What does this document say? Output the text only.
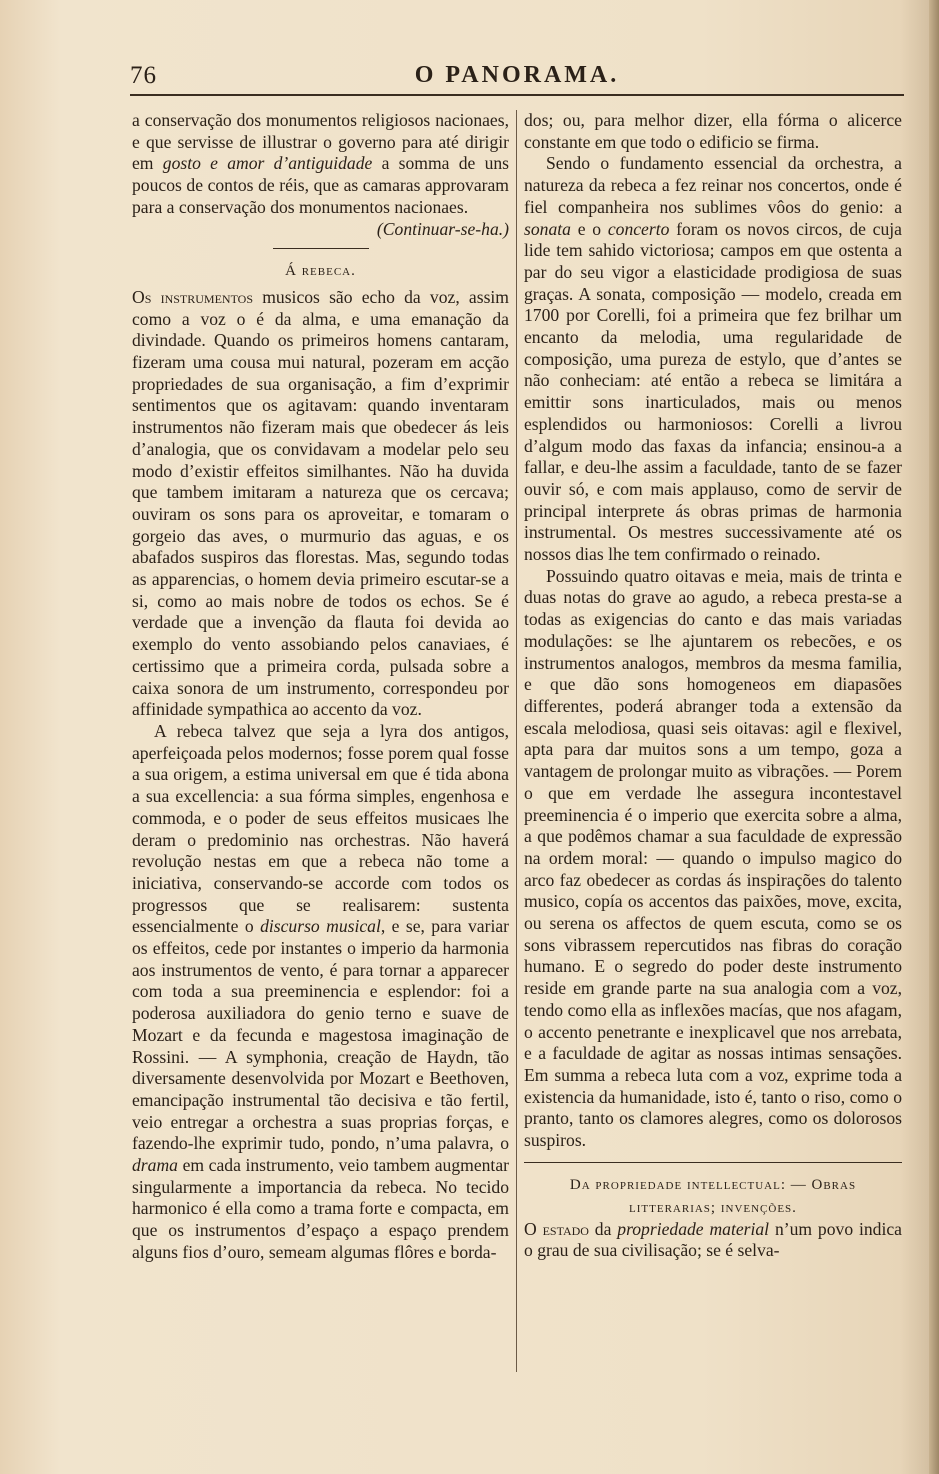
76	O PANORAMA.

a conservação dos monumentos religiosos nacionaes, e que servisse de illustrar o governo para até dirigir em gosto e amor d’antiguidade a somma de uns poucos de contos de réis, que as camaras approvaram para a conservação dos monumentos nacionaes.
(Continuar-se-ha.)

Á rebeca.

Os instrumentos musicos são echo da voz, assim como a voz o é da alma, e uma emanação da divindade. Quando os primeiros homens cantaram, fizeram uma cousa mui natural, pozeram em acção propriedades de sua organisação, a fim d’exprimir sentimentos que os agitavam: quando inventaram instrumentos não fizeram mais que obedecer ás leis d’analogia, que os convidavam a modelar pelo seu modo d’existir effeitos similhantes. Não ha duvida que tambem imitaram a natureza que os cercava; ouviram os sons para os aproveitar, e tomaram o gorgeio das aves, o murmurio das aguas, e os abafados suspiros das florestas. Mas, segundo todas as apparencias, o homem devia primeiro escutar-se a si, como ao mais nobre de todos os echos. Se é verdade que a invenção da flauta foi devida ao exemplo do vento assobiando pelos canaviaes, é certissimo que a primeira corda, pulsada sobre a caixa sonora de um instrumento, correspondeu por affinidade sympathica ao accento da voz.

A rebeca talvez que seja a lyra dos antigos, aperfeiçoada pelos modernos; fosse porem qual fosse a sua origem, a estima universal em que é tida abona a sua excellencia: a sua fórma simples, engenhosa e commoda, e o poder de seus effeitos musicaes lhe deram o predominio nas orchestras. Não haverá revolução nestas em que a rebeca não tome a iniciativa, conservando-se accorde com todos os progressos que se realisarem: sustenta essencialmente o discurso musical, e se, para variar os effeitos, cede por instantes o imperio da harmonia aos instrumentos de vento, é para tornar a apparecer com toda a sua preeminencia e esplendor: foi a poderosa auxiliadora do genio terno e suave de Mozart e da fecunda e magestosa imaginação de Rossini. — A symphonia, creação de Haydn, tão diversamente desenvolvida por Mozart e Beethoven, emancipação instrumental tão decisiva e tão fertil, veio entregar a orchestra a suas proprias forças, e fazendo-lhe exprimir tudo, pondo, n’uma palavra, o drama em cada instrumento, veio tambem augmentar singularmente a importancia da rebeca. No tecido harmonico é ella como a trama forte e compacta, em que os instrumentos d’espaço a espaço prendem alguns fios d’ouro, semeam algumas flôres e borda-

dos; ou, para melhor dizer, ella fórma o alicerce constante em que todo o edificio se firma.

Sendo o fundamento essencial da orchestra, a natureza da rebeca a fez reinar nos concertos, onde é fiel companheira nos sublimes vôos do genio: a sonata e o concerto foram os novos circos, de cuja lide tem sahido victoriosa; campos em que ostenta a par do seu vigor a elasticidade prodigiosa de suas graças. A sonata, composição — modelo, creada em 1700 por Corelli, foi a primeira que fez brilhar um encanto da melodia, uma regularidade de composição, uma pureza de estylo, que d’antes se não conheciam: até então a rebeca se limitára a emittir sons inarticulados, mais ou menos esplendidos ou harmoniosos: Corelli a livrou d’algum modo das faxas da infancia; ensinou-a a fallar, e deu-lhe assim a faculdade, tanto de se fazer ouvir só, e com mais applauso, como de servir de principal interprete ás obras primas de harmonia instrumental. Os mestres successivamente até os nossos dias lhe tem confirmado o reinado.

Possuindo quatro oitavas e meia, mais de trinta e duas notas do grave ao agudo, a rebeca presta-se a todas as exigencias do canto e das mais variadas modulações: se lhe ajuntarem os rebecões, e os instrumentos analogos, membros da mesma familia, e que dão sons homogeneos em diapasões differentes, poderá abranger toda a extensão da escala melodiosa, quasi seis oitavas: agil e flexivel, apta para dar muitos sons a um tempo, goza a vantagem de prolongar muito as vibrações. — Porem o que em verdade lhe assegura incontestavel preeminencia é o imperio que exercita sobre a alma, a que podêmos chamar a sua faculdade de expressão na ordem moral: — quando o impulso magico do arco faz obedecer as cordas ás inspirações do talento musico, copía os accentos das paixões, move, excita, ou serena os affectos de quem escuta, como se os sons vibrassem repercutidos nas fibras do coração humano. E o segredo do poder deste instrumento reside em grande parte na sua analogia com a voz, tendo como ella as inflexões macías, que nos afagam, o accento penetrante e inexplicavel que nos arrebata, e a faculdade de agitar as nossas intimas sensações. Em summa a rebeca luta com a voz, exprime toda a existencia da humanidade, isto é, tanto o riso, como o pranto, tanto os clamores alegres, como os dolorosos suspiros.

Da propriedade intellectual: — Obras
litterarias; invenções.

O estado da propriedade material n’um povo indica o grau de sua civilisação; se é selva-
